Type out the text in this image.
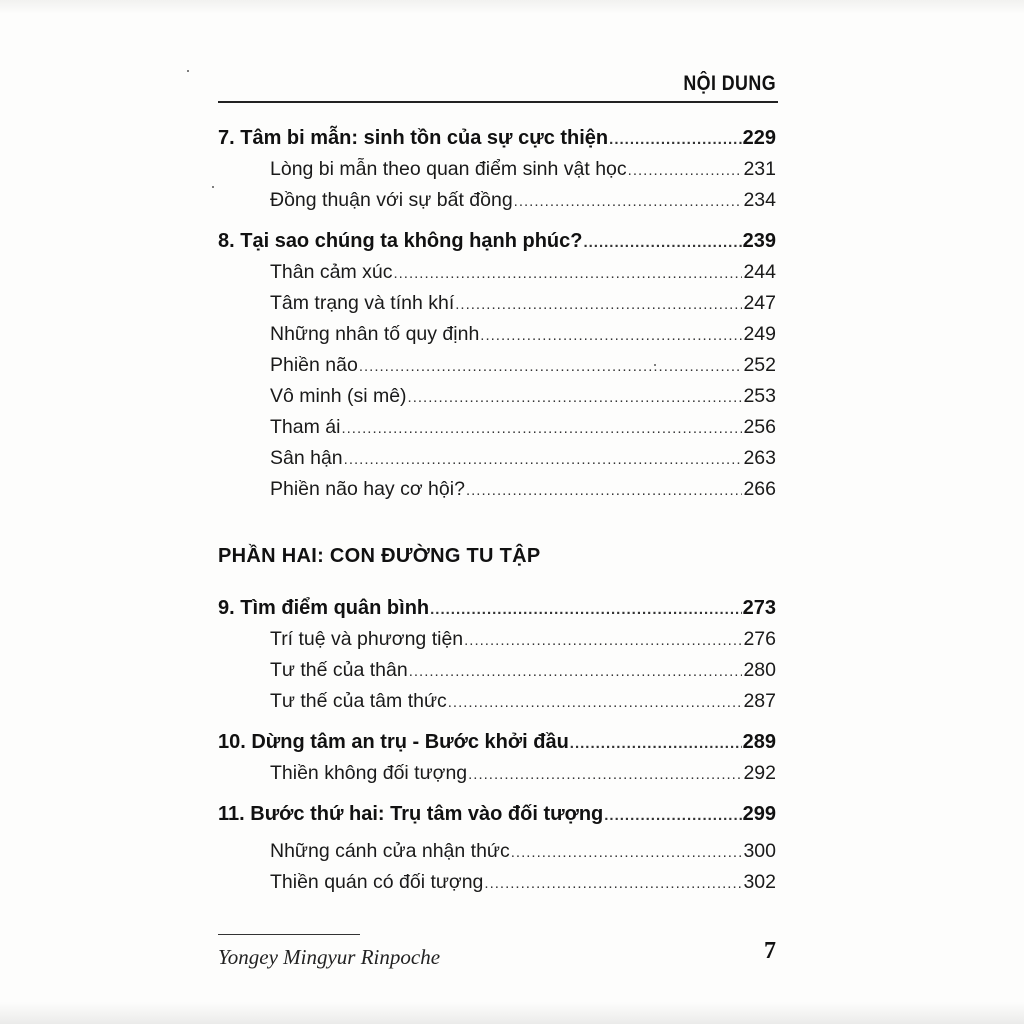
NỘI DUNG
7. Tâm bi mẫn: sinh tồn của sự cực thiện .....	229
Lòng bi mẫn theo quan điểm sinh vật học .....	231
Đồng thuận với sự bất đồng .....	234
8. Tại sao chúng ta không hạnh phúc? .....	239
Thân cảm xúc .....	244
Tâm trạng và tính khí .....	247
Những nhân tố quy định .....	249
Phiền não .....	252
Vô minh (si mê) .....	253
Tham ái .....	256
Sân hận .....	263
Phiền não hay cơ hội? .....	266
PHẦN HAI: CON ĐƯỜNG TU TẬP
9. Tìm điểm quân bình .....	273
Trí tuệ và phương tiện .....	276
Tư thế của thân .....	280
Tư thế của tâm thức .....	287
10. Dừng tâm an trụ - Bước khởi đầu .....	289
Thiền không đối tượng .....	292
11. Bước thứ hai: Trụ tâm vào đối tượng .....	299
Những cánh cửa nhận thức .....	300
Thiền quán có đối tượng .....	302
Yongey Mingyur Rinpoche	7
